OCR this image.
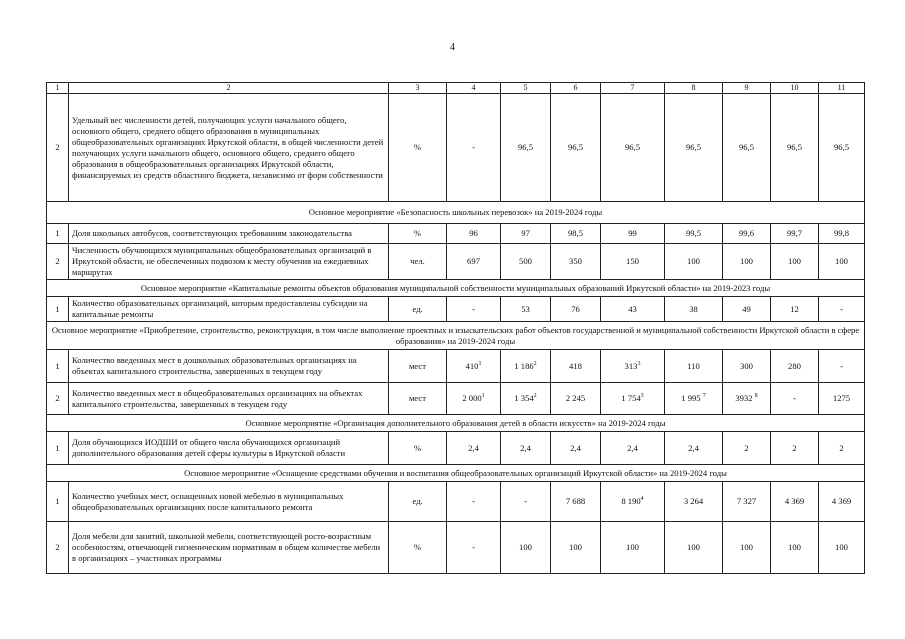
4
1	2	3	4	5	6	7	8	9	10	11
2	Удельный вес численности детей, получающих услуги начального общего, основного общего, среднего общего образования в муниципальных общеобразовательных организациях Иркутской области, в общей численности детей получающих услуги начального общего, основного общего, среднего общего образования в общеобразовательных организациях Иркутской области, финансируемых из средств областного бюджета, независимо от форм собственности	%	-	96,5	96,5	96,5	96,5	96,5	96,5	96,5
Основное мероприятие «Безопасность школьных перевозок» на 2019-2024 годы										
1	Доля школьных автобусов, соответствующих требованиям законодательства	%	96	97	98,5	99	99,5	99,6	99,7	99,8
2	Численность обучающихся муниципальных общеобразовательных организаций в Иркутской области, не обеспеченных подвозом к месту обучения на ежедневных маршрутах	чел.	697	500	350	150	100	100	100	100
Основное мероприятие «Капитальные ремонты объектов образования муниципальной собственности муниципальных образований Иркутской области» на 2019-2023 годы										
1	Количество образовательных организаций, которым предоставлены субсидии на капитальные ремонты	ед.	-	53	76	43	38	49	12	-
Основное мероприятие «Приобретение, строительство, реконструкция, в том числе выполнение проектных и изыскательских работ объектов государственной и муниципальной собственности Иркутской области в сфере образования» на 2019-2024 годы										
1	Количество введенных мест в дошкольных образовательных организациях на объектах капитального строительства, завершенных в текущем году	мест	$410^1$	1 $186^2$	418	$313^3$	110	300	280	-
2	Количество введенных мест в общеобразовательных организациях на объектах капитального строительства, завершенных в текущем году	мест	2 $000^1$	1 $354^2$	2 245	1 $754^3$	1 995 $^7$	3932 $^8$	-	1275
Основное мероприятие «Организация дополнительного образования детей в области искусств» на 2019-2024 годы										
1	Доля обучающихся ИОДШИ от общего числа обучающихся организаций дополнительного образования детей сферы культуры в Иркутской области	%	2,4	2,4	2,4	2,4	2,4	2	2	2
Основное мероприятие «Оснащение средствами обучения и воспитания общеобразовательных организаций Иркутской области» на 2019-2024 годы										
1	Количество учебных мест, оснащенных новой мебелью в муниципальных общеобразовательных организациях после капитального ремонта	ед.	-	-	7 688	8 $190^4$	3 264	7 327	4 369	4 369
2	Доля мебели для занятий, школьной мебели, соответствующей росто-возрастным особенностям, отвечающей гигиеническим нормативам в общем количестве мебели в организациях – участниках программы	%	-	100	100	100	100	100	100	100
